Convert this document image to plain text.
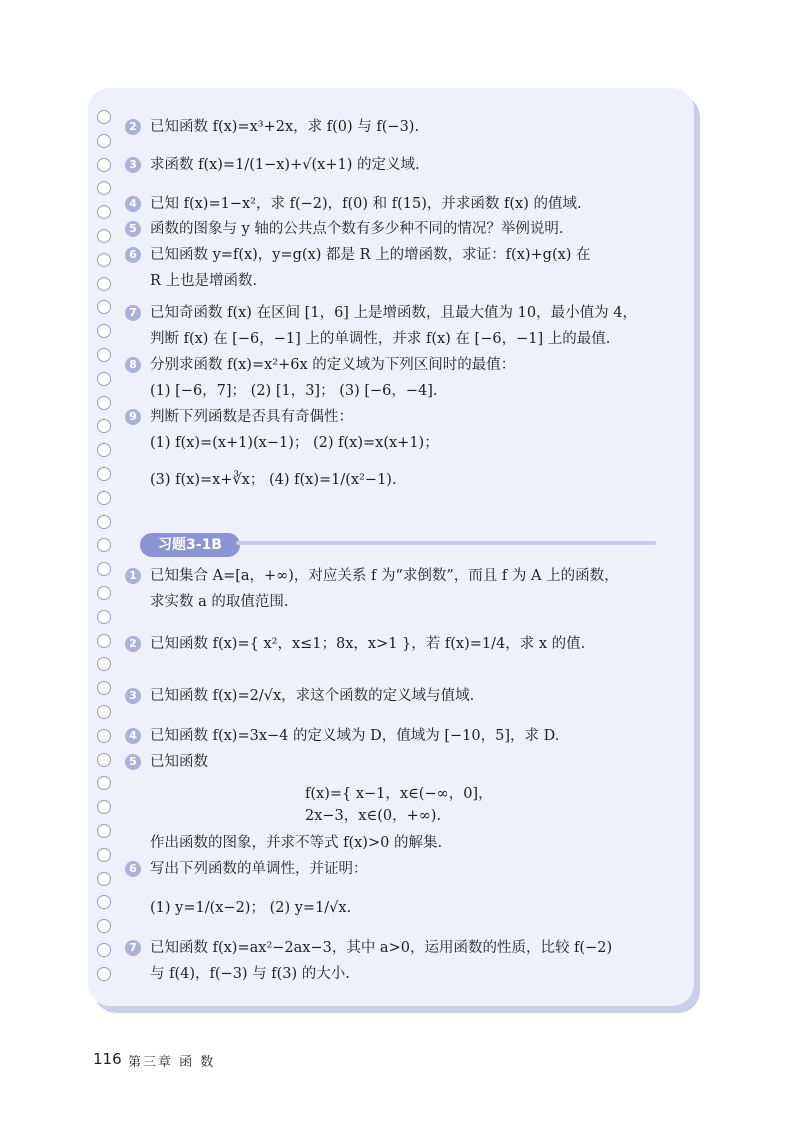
2 已知函数 f(x)=x³+2x，求 f(0) 与 f(−3).
3 求函数 f(x)=1/(1−x)+√(x+1) 的定义域.
4 已知 f(x)=1−x²，求 f(−2)，f(0) 和 f(15)，并求函数 f(x) 的值域.
5 函数的图象与 y 轴的公共点个数有多少种不同的情况？举例说明.
6 已知函数 y=f(x)，y=g(x) 都是 R 上的增函数，求证：f(x)+g(x) 在
R 上也是增函数.
7 已知奇函数 f(x) 在区间 [1，6] 上是增函数，且最大值为 10，最小值为 4，
判断 f(x) 在 [−6，−1] 上的单调性，并求 f(x) 在 [−6，−1] 上的最值.
8 分别求函数 f(x)=x²+6x 的定义域为下列区间时的最值：
(1) [−6，7]； (2) [1，3]； (3) [−6，−4].
9 判断下列函数是否具有奇偶性：
(1) f(x)=(x+1)(x−1)； (2) f(x)=x(x+1)；
(3) f(x)=x+∛x； (4) f(x)=1/(x²−1).
习题3-1B
1 已知集合 A=[a，+∞)，对应关系 f 为“求倒数”，而且 f 为 A 上的函数，
求实数 a 的取值范围.
2 已知函数 f(x)={ x²，x≤1；8x，x>1 }，若 f(x)=1/4，求 x 的值.
3 已知函数 f(x)=2/√x，求这个函数的定义域与值域.
4 已知函数 f(x)=3x−4 的定义域为 D，值域为 [−10，5]，求 D.
5 已知函数
f(x)={ x−1，x∈(−∞，0]，
2x−3，x∈(0，+∞).
作出函数的图象，并求不等式 f(x)>0 的解集.
6 写出下列函数的单调性，并证明：
(1) y=1/(x−2)； (2) y=1/√x.
7 已知函数 f(x)=ax²−2ax−3，其中 a>0，运用函数的性质，比较 f(−2)
与 f(4)，f(−3) 与 f(3) 的大小.
116 第三章 函 数
